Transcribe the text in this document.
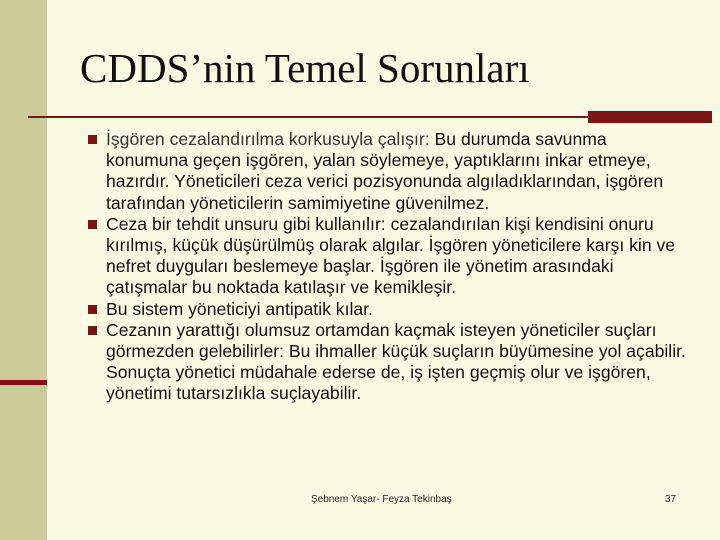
CDDS’nin Temel Sorunları
İşgören cezalandırılma korkusuyla çalışır: Bu durumda savunma konumuna geçen işgören, yalan söylemeye, yaptıklarını inkar etmeye, hazırdır. Yöneticileri ceza verici pozisyonunda algıladıklarından, işgören tarafından yöneticilerin samimiyetine güvenilmez.
Ceza bir tehdit unsuru gibi kullanılır: cezalandırılan kişi kendisini onuru kırılmış, küçük düşürülmüş olarak algılar. İşgören yöneticilere karşı kin ve nefret duyguları beslemeye başlar. İşgören ile yönetim arasındaki çatışmalar bu noktada katılaşır ve kemikleşir.
Bu sistem yöneticiyi antipatik kılar.
Cezanın yarattığı olumsuz ortamdan kaçmak isteyen yöneticiler suçları görmezden gelebilirler: Bu ihmaller küçük suçların büyümesine yol açabilir. Sonuçta yönetici müdahale ederse de, iş işten geçmiş olur ve işgören, yönetimi tutarsızlıkla suçlayabilir.
Şebnem Yaşar- Feyza Tekinbaş	37
